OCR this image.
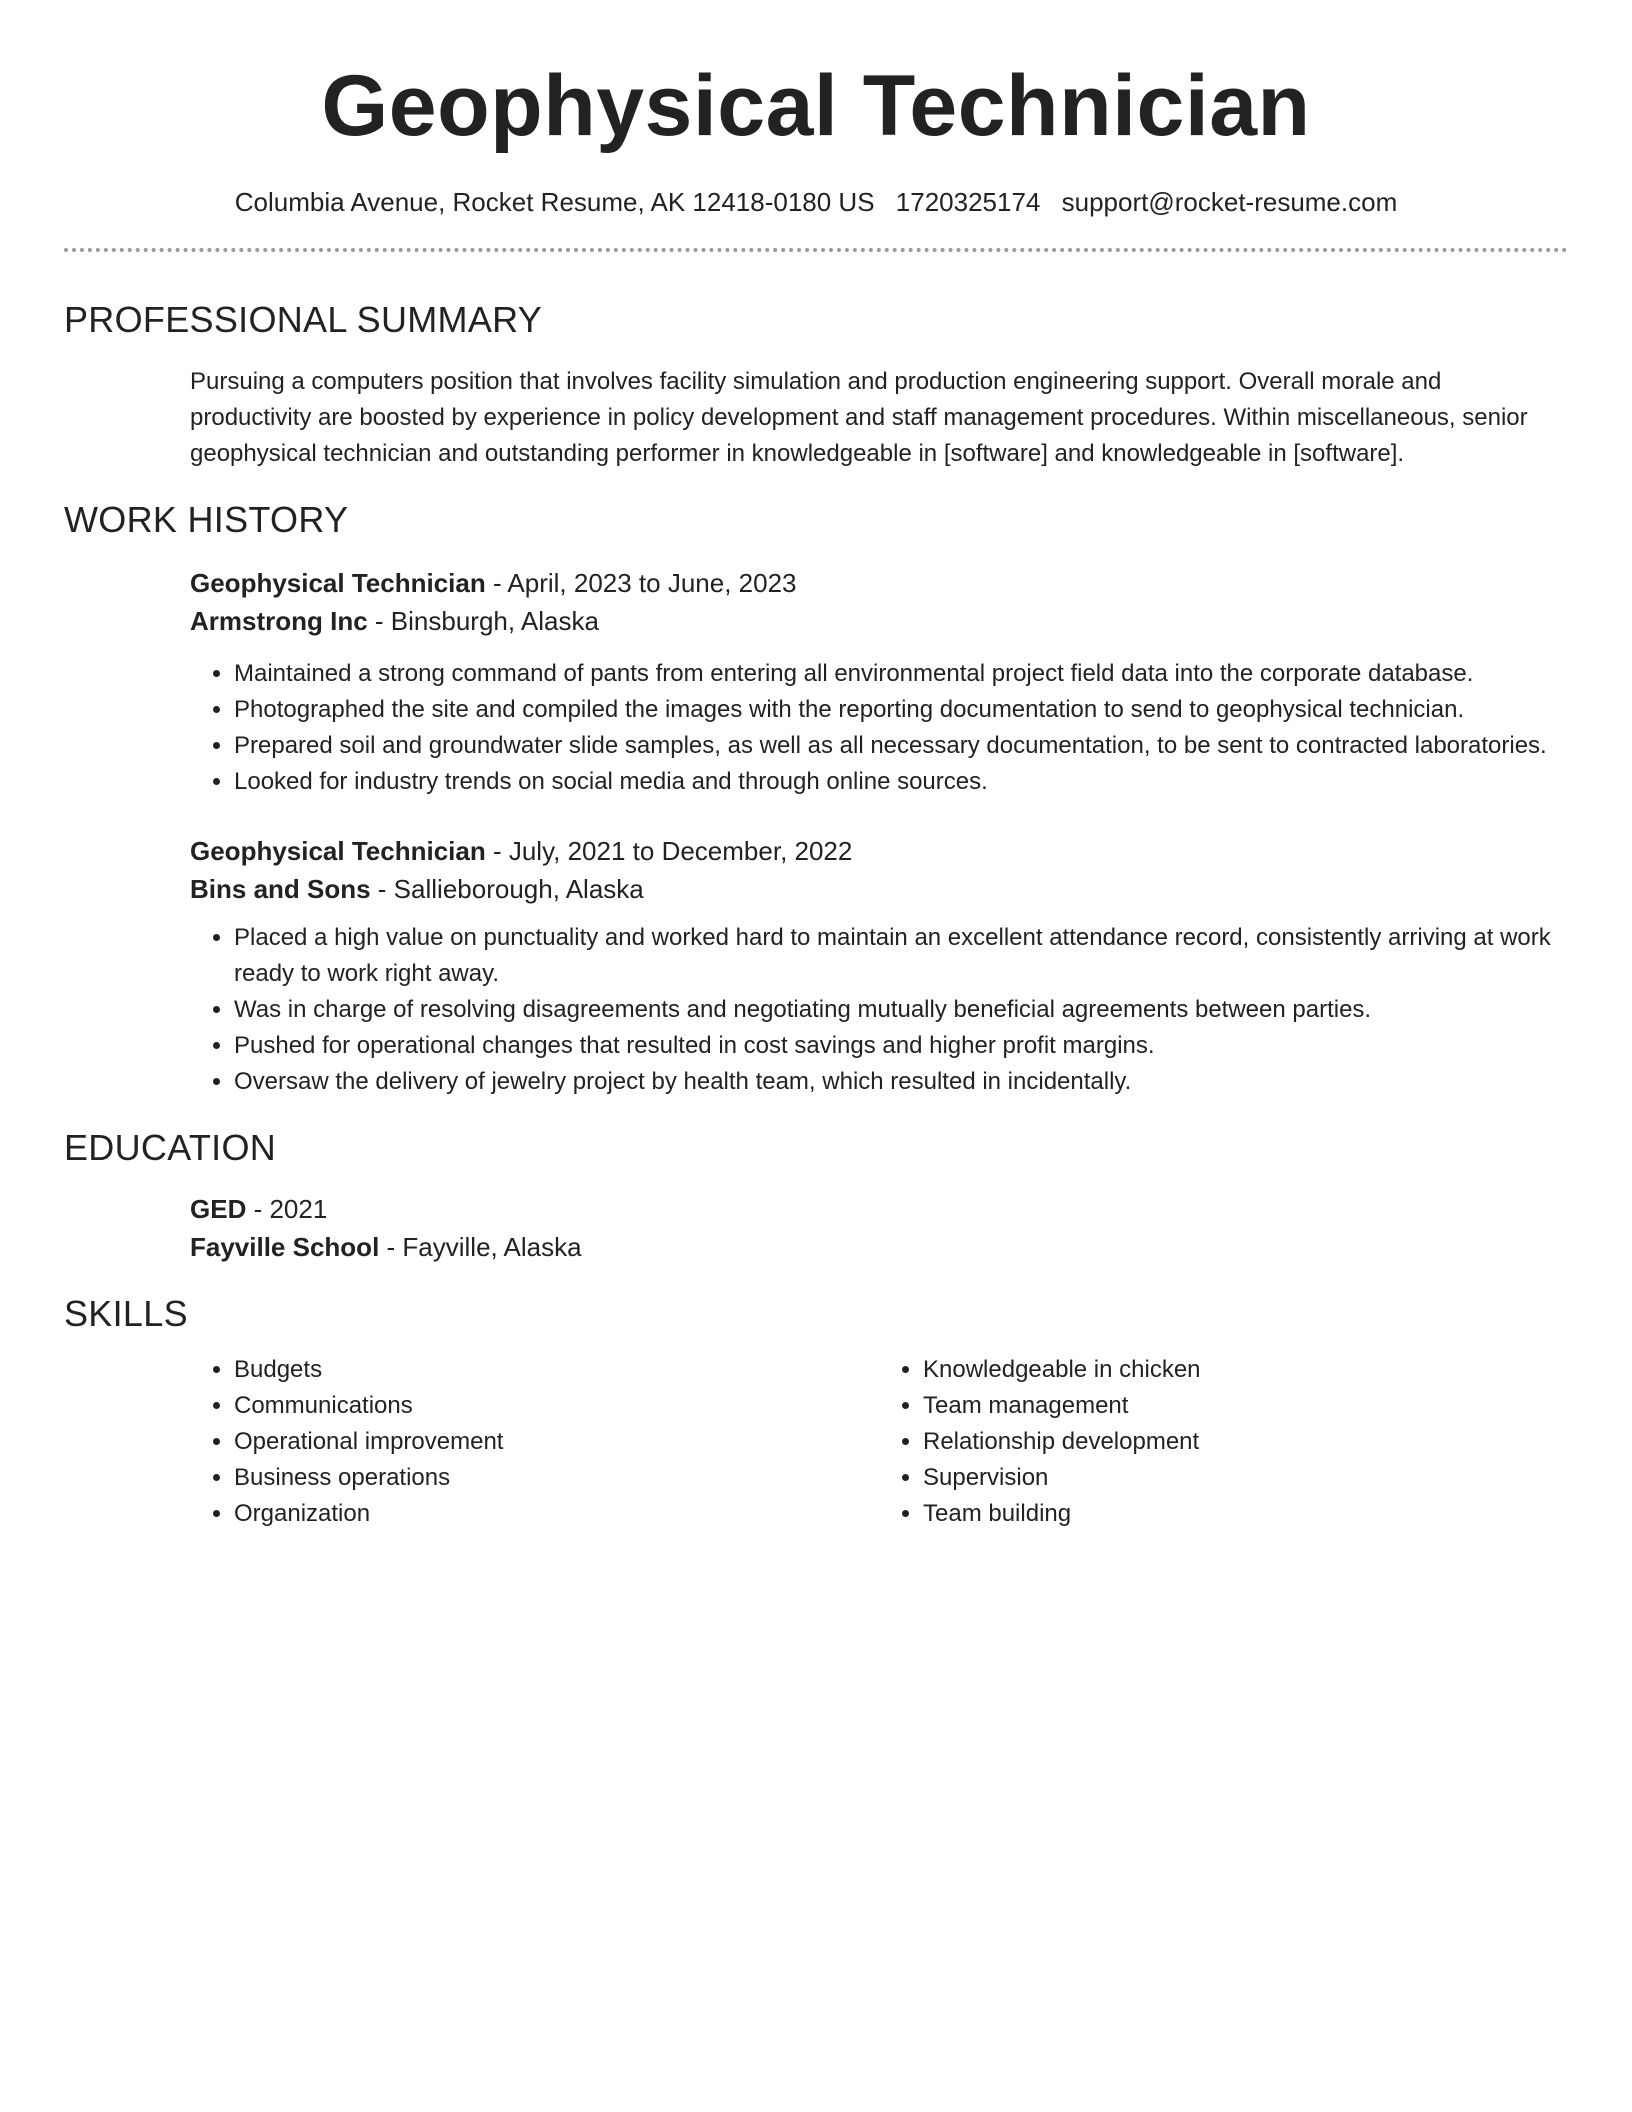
Geophysical Technician
Columbia Avenue, Rocket Resume, AK 12418-0180 US 1720325174 support@rocket-resume.com
PROFESSIONAL SUMMARY

Pursuing a computers position that involves facility simulation and production engineering support. Overall morale and productivity are boosted by experience in policy development and staff management procedures. Within miscellaneous, senior geophysical technician and outstanding performer in knowledgeable in [software] and knowledgeable in [software].

WORK HISTORY

Geophysical Technician - April, 2023 to June, 2023

Armstrong Inc - Binsburgh, Alaska

• Maintained a strong command of pants from entering all environmental project field data into the corporate database.
• Photographed the site and compiled the images with the reporting documentation to send to geophysical technician.
• Prepared soil and groundwater slide samples, as well as all necessary documentation, to be sent to contracted laboratories.
• Looked for industry trends on social media and through online sources.

Geophysical Technician - July, 2021 to December, 2022

Bins and Sons - Sallieborough, Alaska

• Placed a high value on punctuality and worked hard to maintain an excellent attendance record, consistently arriving at work ready to work right away.
• Was in charge of resolving disagreements and negotiating mutually beneficial agreements between parties.
• Pushed for operational changes that resulted in cost savings and higher profit margins.
• Oversaw the delivery of jewelry project by health team, which resulted in incidentally.
EDUCATION

GED - 2021

Fayville School - Fayville, Alaska

SKILLS
• Budgets
• Communications
• Operational improvement
• Business operations
• Organization
• Knowledgeable in chicken
• Team management
• Relationship development
• Supervision
• Team building
